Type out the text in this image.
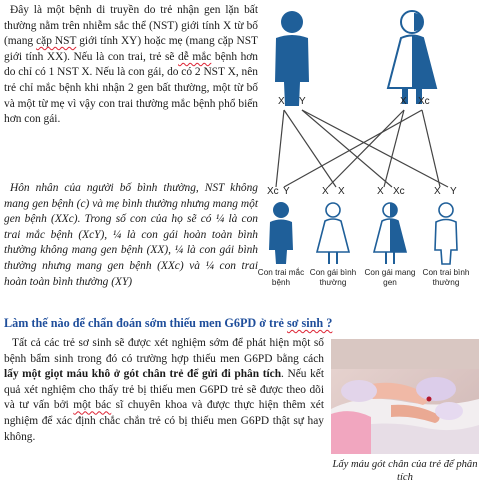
Đây là một bệnh di truyền do trẻ nhận gen lặn bất thường nằm trên nhiễm sắc thể (NST) giới tính X từ bố (mang cặp NST giới tính XY) hoặc mẹ (mang cặp NST giới tính XX). Nếu là con trai, trẻ sẽ dễ mắc bệnh hơn do chỉ có 1 NST X. Nếu là con gái, do có 2 NST X, nên trẻ chỉ mắc bệnh khi nhận 2 gen bất thường, một từ bố và một từ mẹ vì vậy con trai thường mắc bệnh phổ biến hơn con gái.
Hôn nhân của người bố bình thường, NST không mang gen bệnh (c) và mẹ bình thường nhưng mang một gen bệnh (XXc). Trong số con của họ sẽ có ¼ là con trai mắc bệnh (XcY), ¼ là con gái hoàn toàn bình thường không mang gen bệnh (XX), ¼ là con gái bình thường nhưng mang gen bệnh (XXc) và ¼ con trai hoàn toàn bình thường (XY)
X Y	X Xc
Xc Y	X X	X Xc	X Y
Con trai mắc bệnh
Con gái bình thường
Con gái mang gen
Con trai bình thường
Làm thế nào để chẩn đoán sớm thiếu men G6PD ở trẻ sơ sinh ?
Tất cả các trẻ sơ sinh sẽ được xét nghiệm sớm để phát hiện một số bệnh bẩm sinh trong đó có trường hợp thiếu men G6PD bằng cách lấy một giọt máu khô ở gót chân trẻ để gửi đi phân tích. Nếu kết quả xét nghiệm cho thấy trẻ bị thiếu men G6PD trẻ sẽ được theo dõi và tư vấn bởi một bác sĩ chuyên khoa và được thực hiện thêm xét nghiệm để xác định chắc chắn trẻ có bị thiếu men G6PD thật sự hay không.
Lấy máu gót chân của trẻ để phân tích
